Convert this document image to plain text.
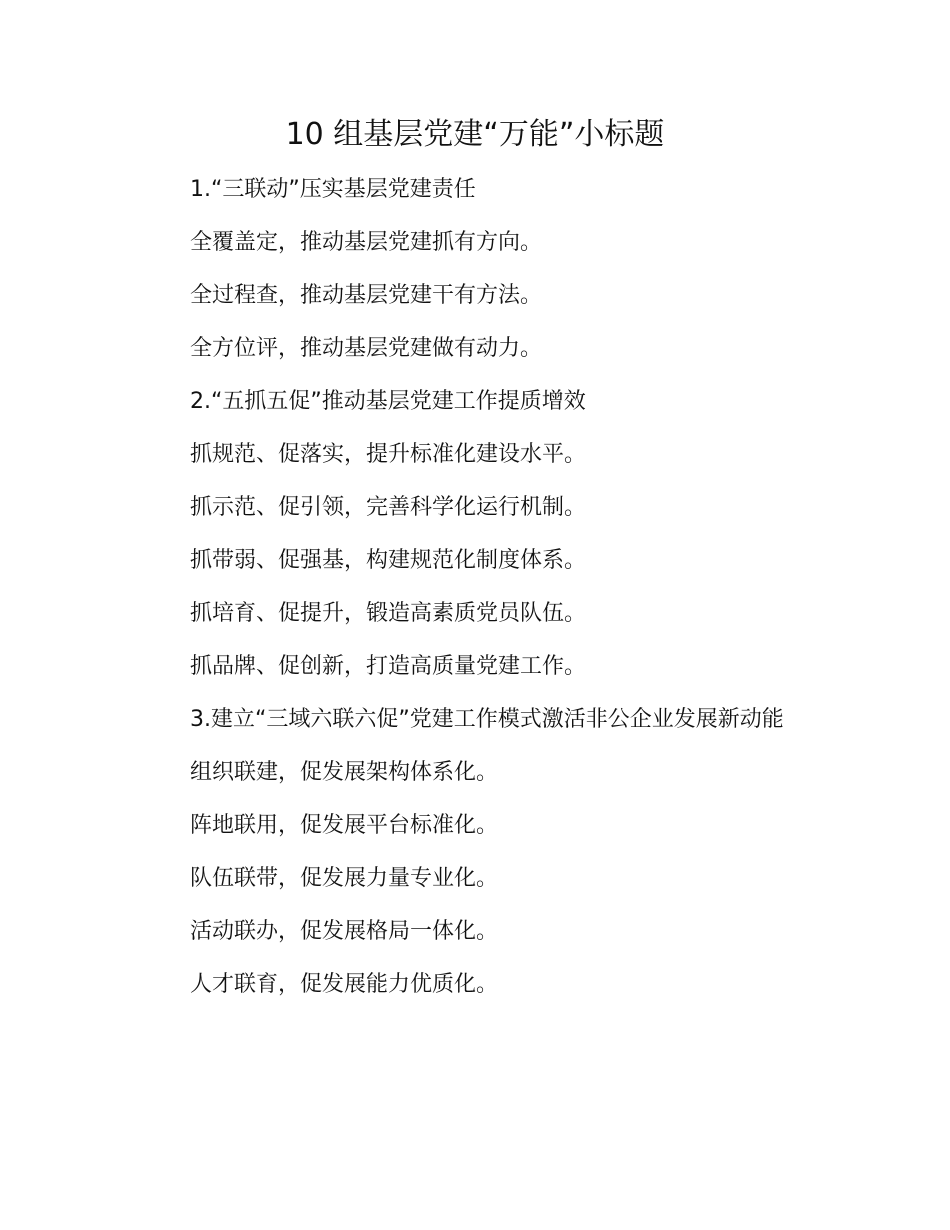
10 组基层党建“万能”小标题

1.“三联动”压实基层党建责任

全覆盖定，推动基层党建抓有方向。

全过程查，推动基层党建干有方法。

全方位评，推动基层党建做有动力。

2.“五抓五促”推动基层党建工作提质增效

抓规范、促落实，提升标准化建设水平。

抓示范、促引领，完善科学化运行机制。

抓带弱、促强基，构建规范化制度体系。

抓培育、促提升，锻造高素质党员队伍。

抓品牌、促创新，打造高质量党建工作。

3.建立“三域六联六促”党建工作模式激活非公企业发展新动能

组织联建，促发展架构体系化。

阵地联用，促发展平台标准化。

队伍联带，促发展力量专业化。

活动联办，促发展格局一体化。

人才联育，促发展能力优质化。
